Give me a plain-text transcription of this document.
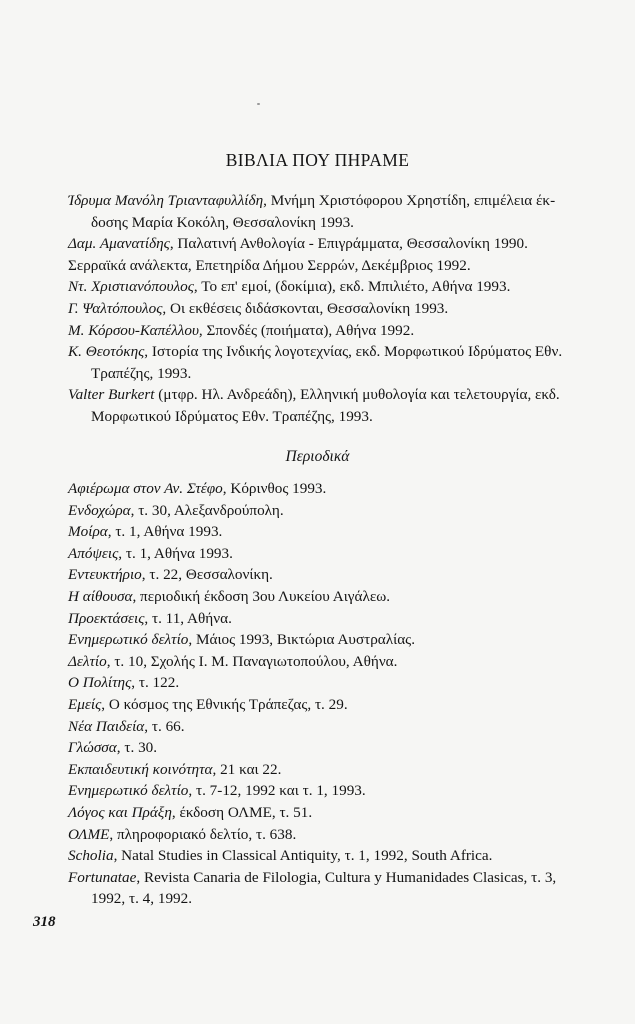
ΒΙΒΛΙΑ ΠΟΥ ΠΗΡΑΜΕ
Ίδρυμα Μανόλη Τριανταφυλλίδη, Μνήμη Χριστόφορου Χρηστίδη, επιμέλεια έκ-δοσης Μαρία Κοκόλη, Θεσσαλονίκη 1993.
Δαμ. Αμανατίδης, Παλατινή Ανθολογία - Επιγράμματα, Θεσσαλονίκη 1990.
Σερραϊκά ανάλεκτα, Επετηρίδα Δήμου Σερρών, Δεκέμβριος 1992.
Ντ. Χριστιανόπουλος, Το επ' εμοί, (δοκίμια), εκδ. Μπιλιέτο, Αθήνα 1993.
Γ. Ψαλτόπουλος, Οι εκθέσεις διδάσκονται, Θεσσαλονίκη 1993.
Μ. Κόρσου-Καπέλλου, Σπονδές (ποιήματα), Αθήνα 1992.
Κ. Θεοτόκης, Ιστορία της Ινδικής λογοτεχνίας, εκδ. Μορφωτικού Ιδρύματος Εθν. Τραπέζης, 1993.
Valter Burkert (μτφρ. Ηλ. Ανδρεάδη), Ελληνική μυθολογία και τελετουργία, εκδ. Μορφωτικού Ιδρύματος Εθν. Τραπέζης, 1993.
Περιοδικά
Αφιέρωμα στον Αν. Στέφο, Κόρινθος 1993.
Ενδοχώρα, τ. 30, Αλεξανδρούπολη.
Μοίρα, τ. 1, Αθήνα 1993.
Απόψεις, τ. 1, Αθήνα 1993.
Εντευκτήριο, τ. 22, Θεσσαλονίκη.
Η αίθουσα, περιοδική έκδοση 3ου Λυκείου Αιγάλεω.
Προεκτάσεις, τ. 11, Αθήνα.
Ενημερωτικό δελτίο, Μάιος 1993, Βικτώρια Αυστραλίας.
Δελτίο, τ. 10, Σχολής Ι. Μ. Παναγιωτοπούλου, Αθήνα.
Ο Πολίτης, τ. 122.
Εμείς, Ο κόσμος της Εθνικής Τράπεζας, τ. 29.
Νέα Παιδεία, τ. 66.
Γλώσσα, τ. 30.
Εκπαιδευτική κοινότητα, 21 και 22.
Ενημερωτικό δελτίο, τ. 7-12, 1992 και τ. 1, 1993.
Λόγος και Πράξη, έκδοση ΟΛΜΕ, τ. 51.
ΟΛΜΕ, πληροφοριακό δελτίο, τ. 638.
Scholia, Natal Studies in Classical Antiquity, τ. 1, 1992, South Africa.
Fortunatae, Revista Canaria de Filologia, Cultura y Humanidades Clasicas, τ. 3, 1992, τ. 4, 1992.
318
